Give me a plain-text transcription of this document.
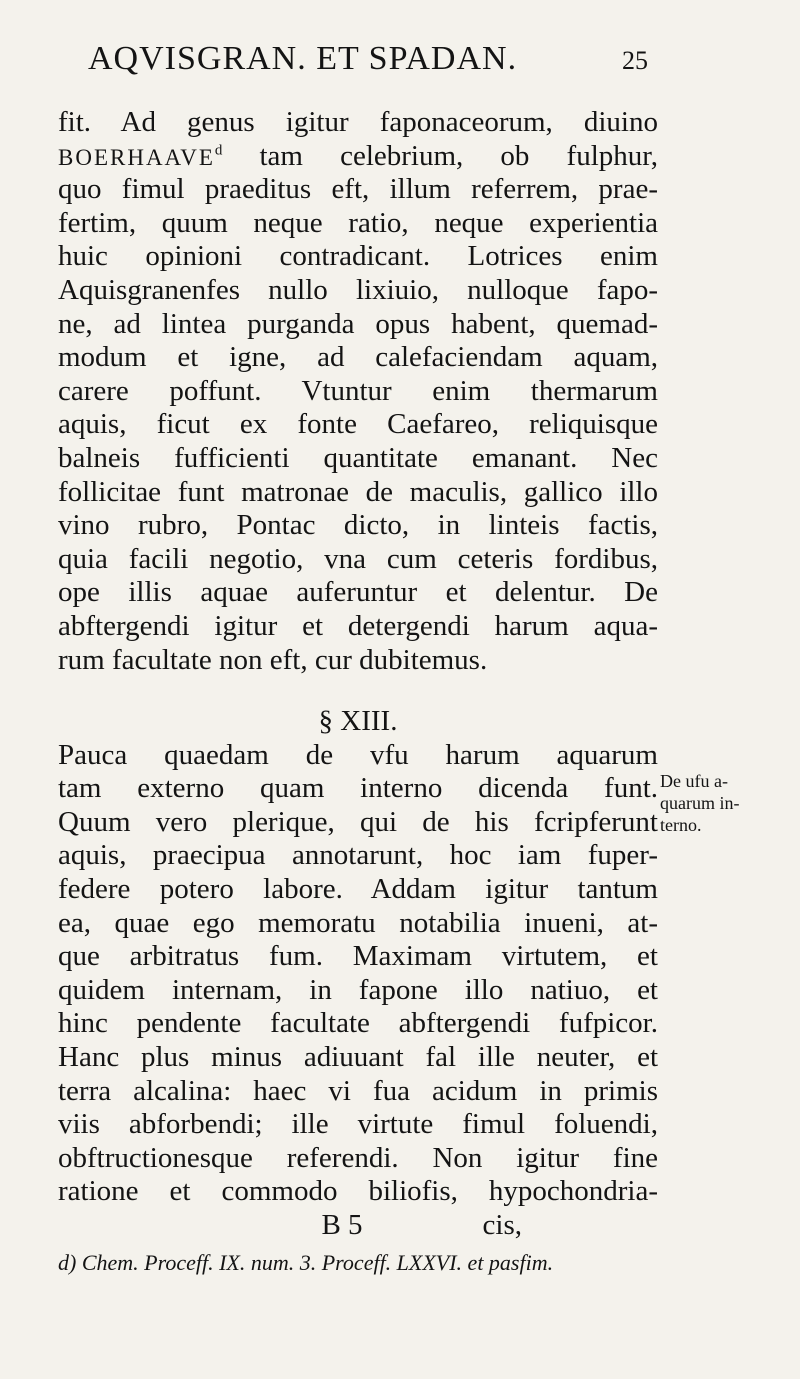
AQVISGRAN. ET SPADAN.	25
fit. Ad genus igitur faponaceorum, diuino
BOERHAAVE$^d$ tam celebrium, ob fulphur,
quo fimul praeditus eft, illum referrem, prae-
fertim, quum neque ratio, neque experientia
huic opinioni contradicant. Lotrices enim
Aquisgranenfes nullo lixiuio, nulloque fapo-
ne, ad lintea purganda opus habent, quemad-
modum et igne, ad calefaciendam aquam,
carere poffunt. Vtuntur enim thermarum
aquis, ficut ex fonte Caefareo, reliquisque
balneis fufficienti quantitate emanant. Nec
follicitae funt matronae de maculis, gallico illo
vino rubro, Pontac dicto, in linteis factis,
quia facili negotio, vna cum ceteris fordibus,
ope illis aquae auferuntur et delentur. De
abftergendi igitur et detergendi harum aqua-
rum facultate non eft, cur dubitemus.
§ XIII.
Pauca quaedam de vfu harum aquarum
tam externo quam interno dicenda funt.
Quum vero plerique, qui de his fcripferunt
aquis, praecipua annotarunt, hoc iam fuper-
federe potero labore. Addam igitur tantum
ea, quae ego memoratu notabilia inueni, at-
que arbitratus fum. Maximam virtutem, et
quidem internam, in fapone illo natiuo, et
hinc pendente facultate abftergendi fufpicor.
Hanc plus minus adiuuant fal ille neuter, et
terra alcalina: haec vi fua acidum in primis
viis abforbendi; ille virtute fimul foluendi,
obftructionesque referendi. Non igitur fine
ratione et commodo biliofis, hypochondria-
B 5	cis,
De ufu a-
quarum in-
terno.
d) Chem. Proceff. IX. num. 3. Proceff. LXXVI. et pasfim.
